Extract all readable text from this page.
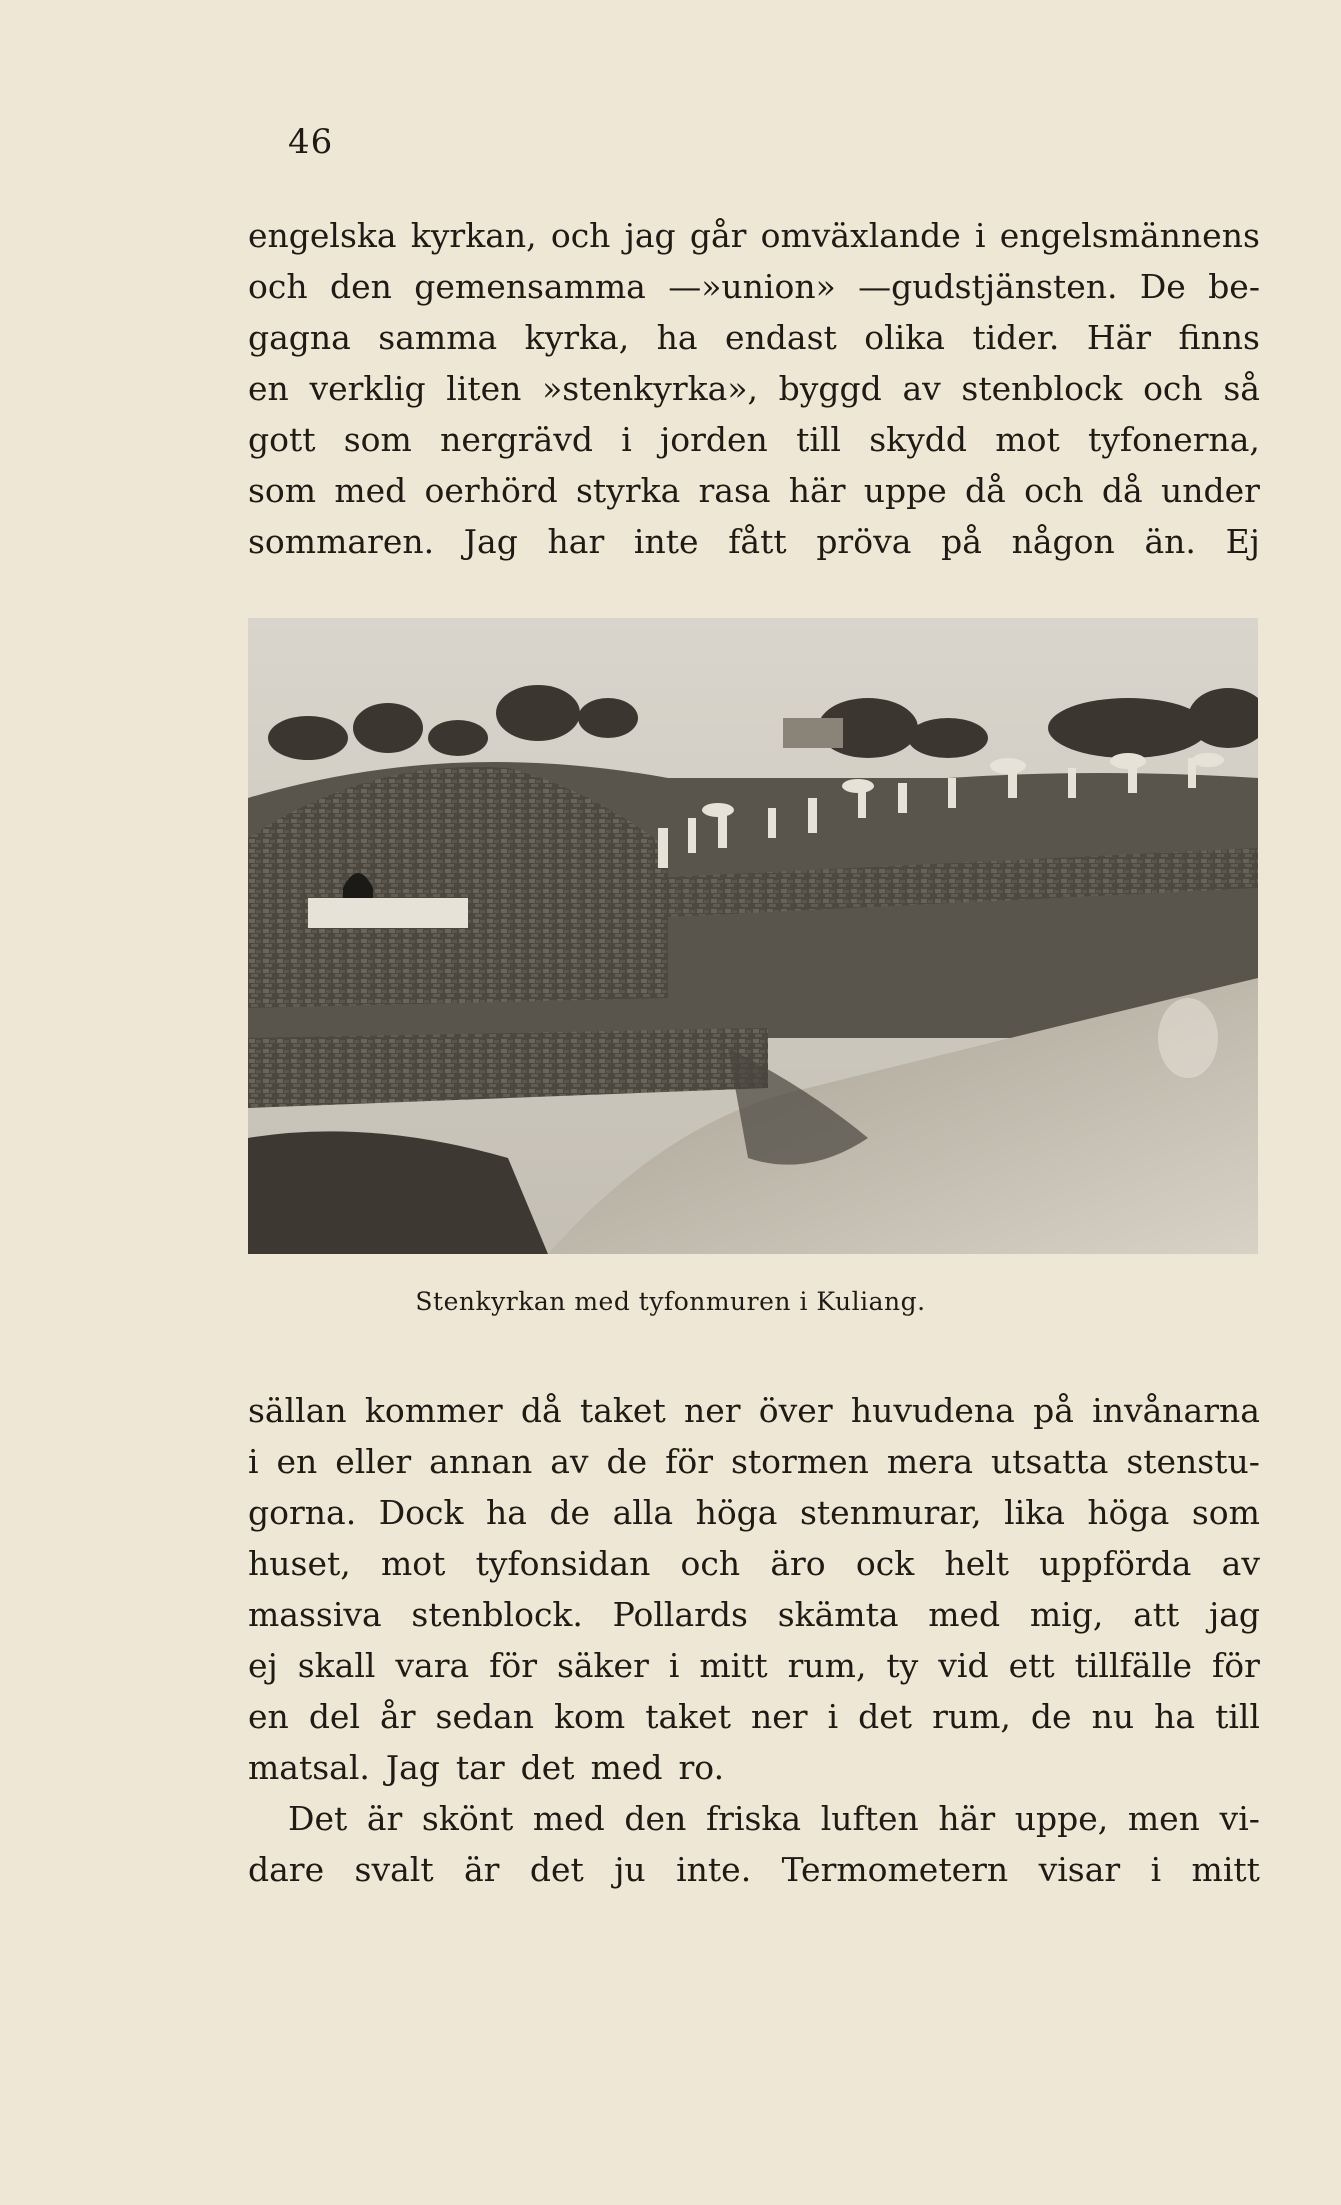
46
engelska kyrkan, och jag går omväxlande i engelsmännens
och den gemensamma —»union» —gudstjänsten. De be-
gagna samma kyrka, ha endast olika tider. Här finns
en verklig liten »stenkyrka», byggd av stenblock och så
gott som nergrävd i jorden till skydd mot tyfonerna,
som med oerhörd styrka rasa här uppe då och då under
sommaren. Jag har inte fått pröva på någon än. Ej
Stenkyrkan med tyfonmuren i Kuliang.
sällan kommer då taket ner över huvudena på invånarna
i en eller annan av de för stormen mera utsatta stenstu-
gorna. Dock ha de alla höga stenmurar, lika höga som
huset, mot tyfonsidan och äro ock helt uppförda av
massiva stenblock. Pollards skämta med mig, att jag
ej skall vara för säker i mitt rum, ty vid ett tillfälle för
en del år sedan kom taket ner i det rum, de nu ha till
matsal. Jag tar det med ro.
Det är skönt med den friska luften här uppe, men vi-
dare svalt är det ju inte. Termometern visar i mitt
